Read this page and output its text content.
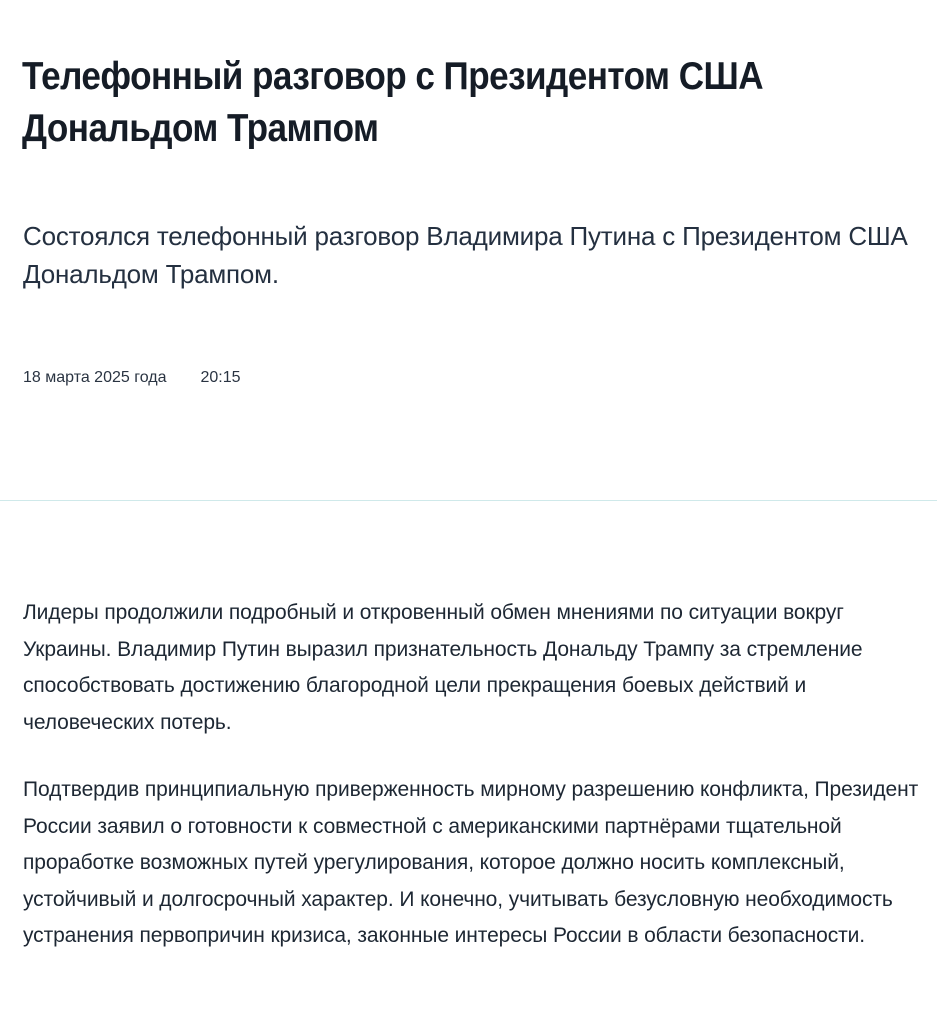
Телефонный разговор с Президентом США Дональдом Трампом

Состоялся телефонный разговор Владимира Путина с Президентом США Дональдом Трампом.

18 марта 2025 года 20:15

Лидеры продолжили подробный и откровенный обмен мнениями по ситуации вокруг Украины. Владимир Путин выразил признательность Дональду Трампу за стремление способствовать достижению благородной цели прекращения боевых действий и человеческих потерь.

Подтвердив принципиальную приверженность мирному разрешению конфликта, Президент России заявил о готовности к совместной с американскими партнёрами тщательной проработке возможных путей урегулирования, которое должно носить комплексный, устойчивый и долгосрочный характер. И конечно, учитывать безусловную необходимость устранения первопричин кризиса, законные интересы России в области безопасности.
